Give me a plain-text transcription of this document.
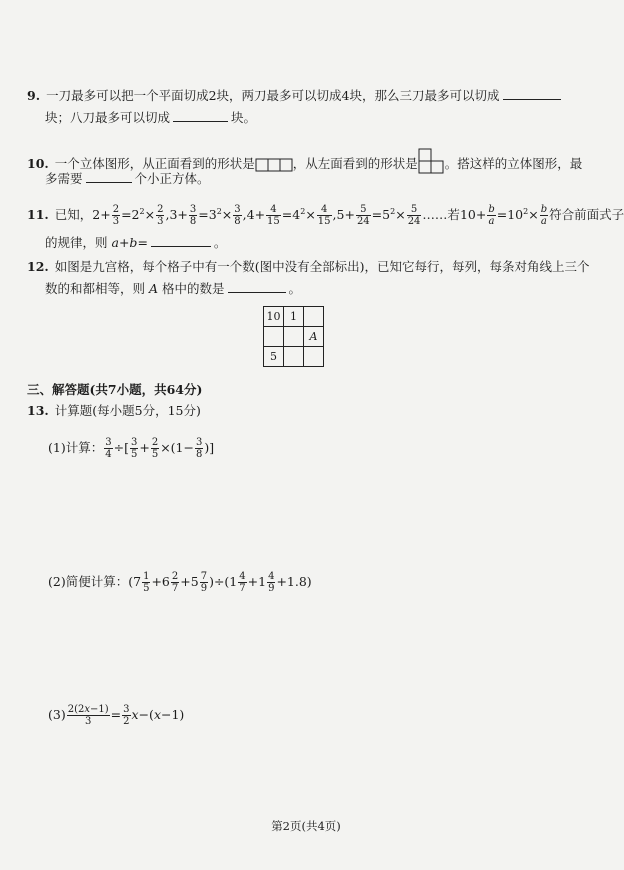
9. 一刀最多可以把一个平面切成2块，两刀最多可以切成4块，那么三刀最多可以切成
块；八刀最多可以切成	块。
10. 一个立体图形，从正面看到的形状是	，从左面看到的形状是 。搭这样的立体图形，最
多需要	个小正方体。
11. 已知，$2+ \frac{2}{3} =2^2\times \frac{2}{3} ,3+ \frac{3}{8} =3^2\times \frac{3}{8} ,4+ \frac{4}{15} =4^2\times \frac{4}{15} ,5+ \frac{5}{24} =5^2\times \frac{5}{24}$ ……若$10+ \frac{b}{a} =10^2\times \frac{b}{a}$ 符合前面式子
的规律，则 a+b=	。
12. 如图是九宫格，每个格子中有一个数(图中没有全部标出)，已知它每行，每列，每条对角线上三个
数的和都相等，则 A 格中的数是	。
10	1	
		A
5		
三、解答题(共7小题，共64分)
13. 计算题(每小题5分，15分)
(1)计算： $\frac{3}{4}$ ÷[ $\frac{3}{5} + \frac{2}{5} \times(1- \frac{3}{8}$ )]
(2)简便计算：$(7 \frac{1}{5} +6 \frac{2}{7} +5 \frac{7}{9} )\div(1 \frac{4}{7} +1 \frac{4}{9} +1.8)$
$(3) \frac{2(2x-1)}{3} = \frac{3}{2} x-(x-1)$
第2页(共4页)
